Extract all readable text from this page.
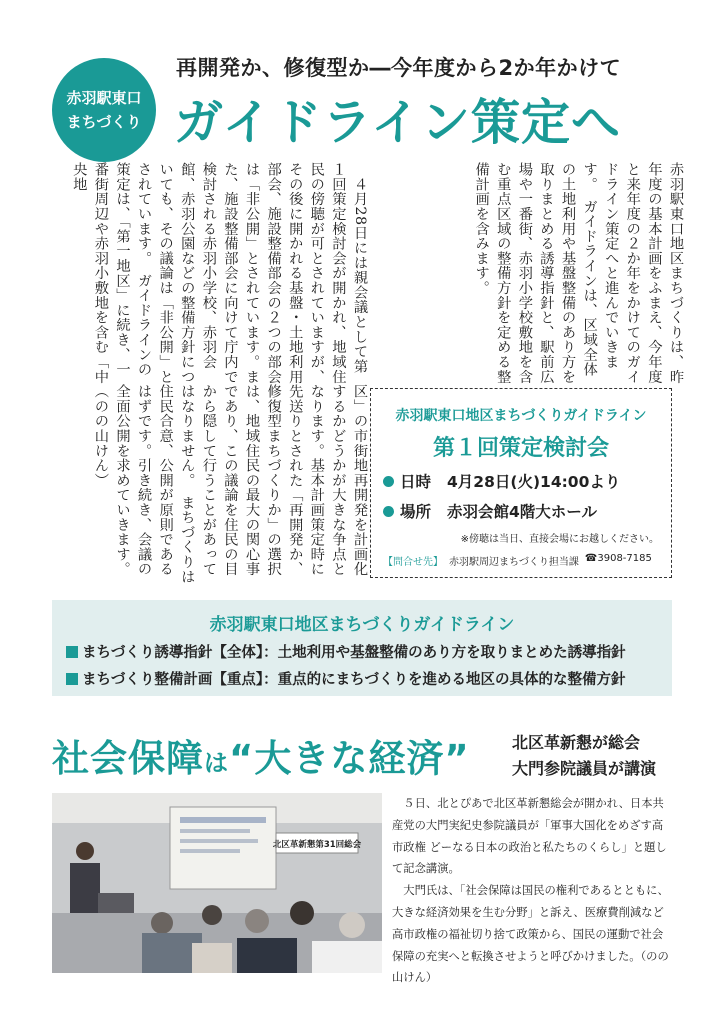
赤羽駅東口
まちづくり
再開発か、修復型か―今年度から2か年かけて
ガイドライン策定へ
赤羽駅東口地区まちづくりは、昨年度の基本計画をふまえ、今年度と来年度の２か年をかけてのガイドライン策定へと進んでいきます。　ガイドラインは、区域全体の土地利用や基盤整備のあり方を取りまとめる誘導指針と、駅前広場や一番街、赤羽小学校敷地を含む重点区域の整備方針を定める整備計画を含みます。
　４月28日には親会議として第１回策定検討会が開かれ、地域住民の傍聴が可とされていますが、その後に開かれる基盤・土地利用部会、施設整備部会の２つの部会は「非公開」とされています。また、施設整備部会に向けて庁内で検討される赤羽小学校、赤羽会館、赤羽公園などの整備方針についても、その議論は「非公開」とされています。　ガイドラインの策定は、「第一地区」に続き、一番街周辺や赤羽小敷地を含む「中央地
区」の市街地再開発を計画化するかどうかが大きな争点となります。基本計画策定時に先送りとされた「再開発か、修復型まちづくりか」の選択は、地域住民の最大の関心事であり、この議論を住民の目から隠して行うことがあってはなりません。　まちづくりは住民合意、公開が原則であるはずです。引き続き、会議の全面公開を求めていきます。（のの山けん）	赤羽駅東口地区まちづくりガイドライン
第１回策定検討会
日時 4月28日(火)14:00より
場所 赤羽会館4階大ホール
※傍聴は当日、直接会場にお越しください。
【問合せ先】 赤羽駅周辺まちづくり担当課 ☎3908-7185
赤羽駅東口地区まちづくりガイドライン
まちづくり誘導指針【全体】： 土地利用や基盤整備のあり方を取りまとめた誘導指針
まちづくり整備計画【重点】： 重点的にまちづくりを進める地区の具体的な整備方針
社会保障は“大きな経済”	北区革新懇が総会
大門参院議員が講演
北区革新懇第31回総会

５日、北とぴあで北区革新懇総会が開かれ、日本共産党の大門実紀史参院議員が「軍事大国化をめざす高市政権 どーなる日本の政治と私たちのくらし」と題して記念講演。

大門氏は、「社会保障は国民の権利であるとともに、大きな経済効果を生む分野」と訴え、医療費削減など高市政権の福祉切り捨て政策から、国民の運動で社会保障の充実へと転換させようと呼びかけました。（のの山けん）
